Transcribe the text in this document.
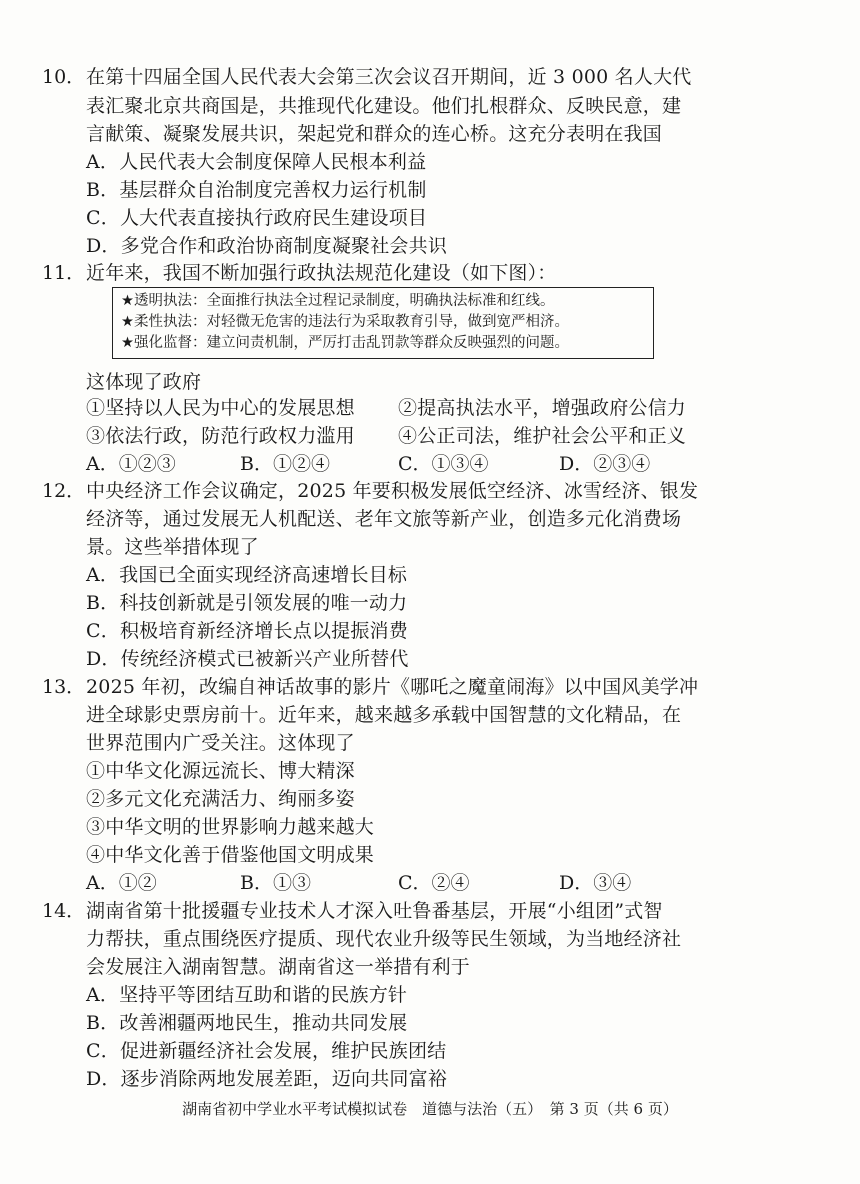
10． 在第十四届全国人民代表大会第三次会议召开期间，近 3 000 名人大代
表汇聚北京共商国是，共推现代化建设。他们扎根群众、反映民意，建
言献策、凝聚发展共识，架起党和群众的连心桥。这充分表明在我国
A．人民代表大会制度保障人民根本利益
B．基层群众自治制度完善权力运行机制
C．人大代表直接执行政府民生建设项目
D．多党合作和政治协商制度凝聚社会共识
11． 近年来，我国不断加强行政执法规范化建设（如下图）：
★透明执法：全面推行执法全过程记录制度，明确执法标准和红线。
★柔性执法：对轻微无危害的违法行为采取教育引导，做到宽严相济。
★强化监督：建立问责机制，严厉打击乱罚款等群众反映强烈的问题。
这体现了政府
①坚持以人民为中心的发展思想 ②提高执法水平，增强政府公信力
③依法行政，防范行政权力滥用 ④公正司法，维护社会公平和正义
A．①②③	B．①②④	C．①③④	D．②③④
12． 中央经济工作会议确定，2025 年要积极发展低空经济、冰雪经济、银发
经济等，通过发展无人机配送、老年文旅等新产业，创造多元化消费场
景。这些举措体现了
A．我国已全面实现经济高速增长目标
B．科技创新就是引领发展的唯一动力
C．积极培育新经济增长点以提振消费
D．传统经济模式已被新兴产业所替代
13． 2025 年初，改编自神话故事的影片《哪吒之魔童闹海》以中国风美学冲
进全球影史票房前十。近年来，越来越多承载中国智慧的文化精品，在
世界范围内广受关注。这体现了
①中华文化源远流长、博大精深
②多元文化充满活力、绚丽多姿
③中华文明的世界影响力越来越大
④中华文化善于借鉴他国文明成果
A．①②	B．①③	C．②④	D．③④
14． 湖南省第十批援疆专业技术人才深入吐鲁番基层，开展“小组团”式智
力帮扶，重点围绕医疗提质、现代农业升级等民生领域，为当地经济社
会发展注入湖南智慧。湖南省这一举措有利于
A．坚持平等团结互助和谐的民族方针
B．改善湘疆两地民生，推动共同发展
C．促进新疆经济社会发展，维护民族团结
D．逐步消除两地发展差距，迈向共同富裕
湖南省初中学业水平考试模拟试卷　道德与法治（五）　第 3 页（共 6 页）
